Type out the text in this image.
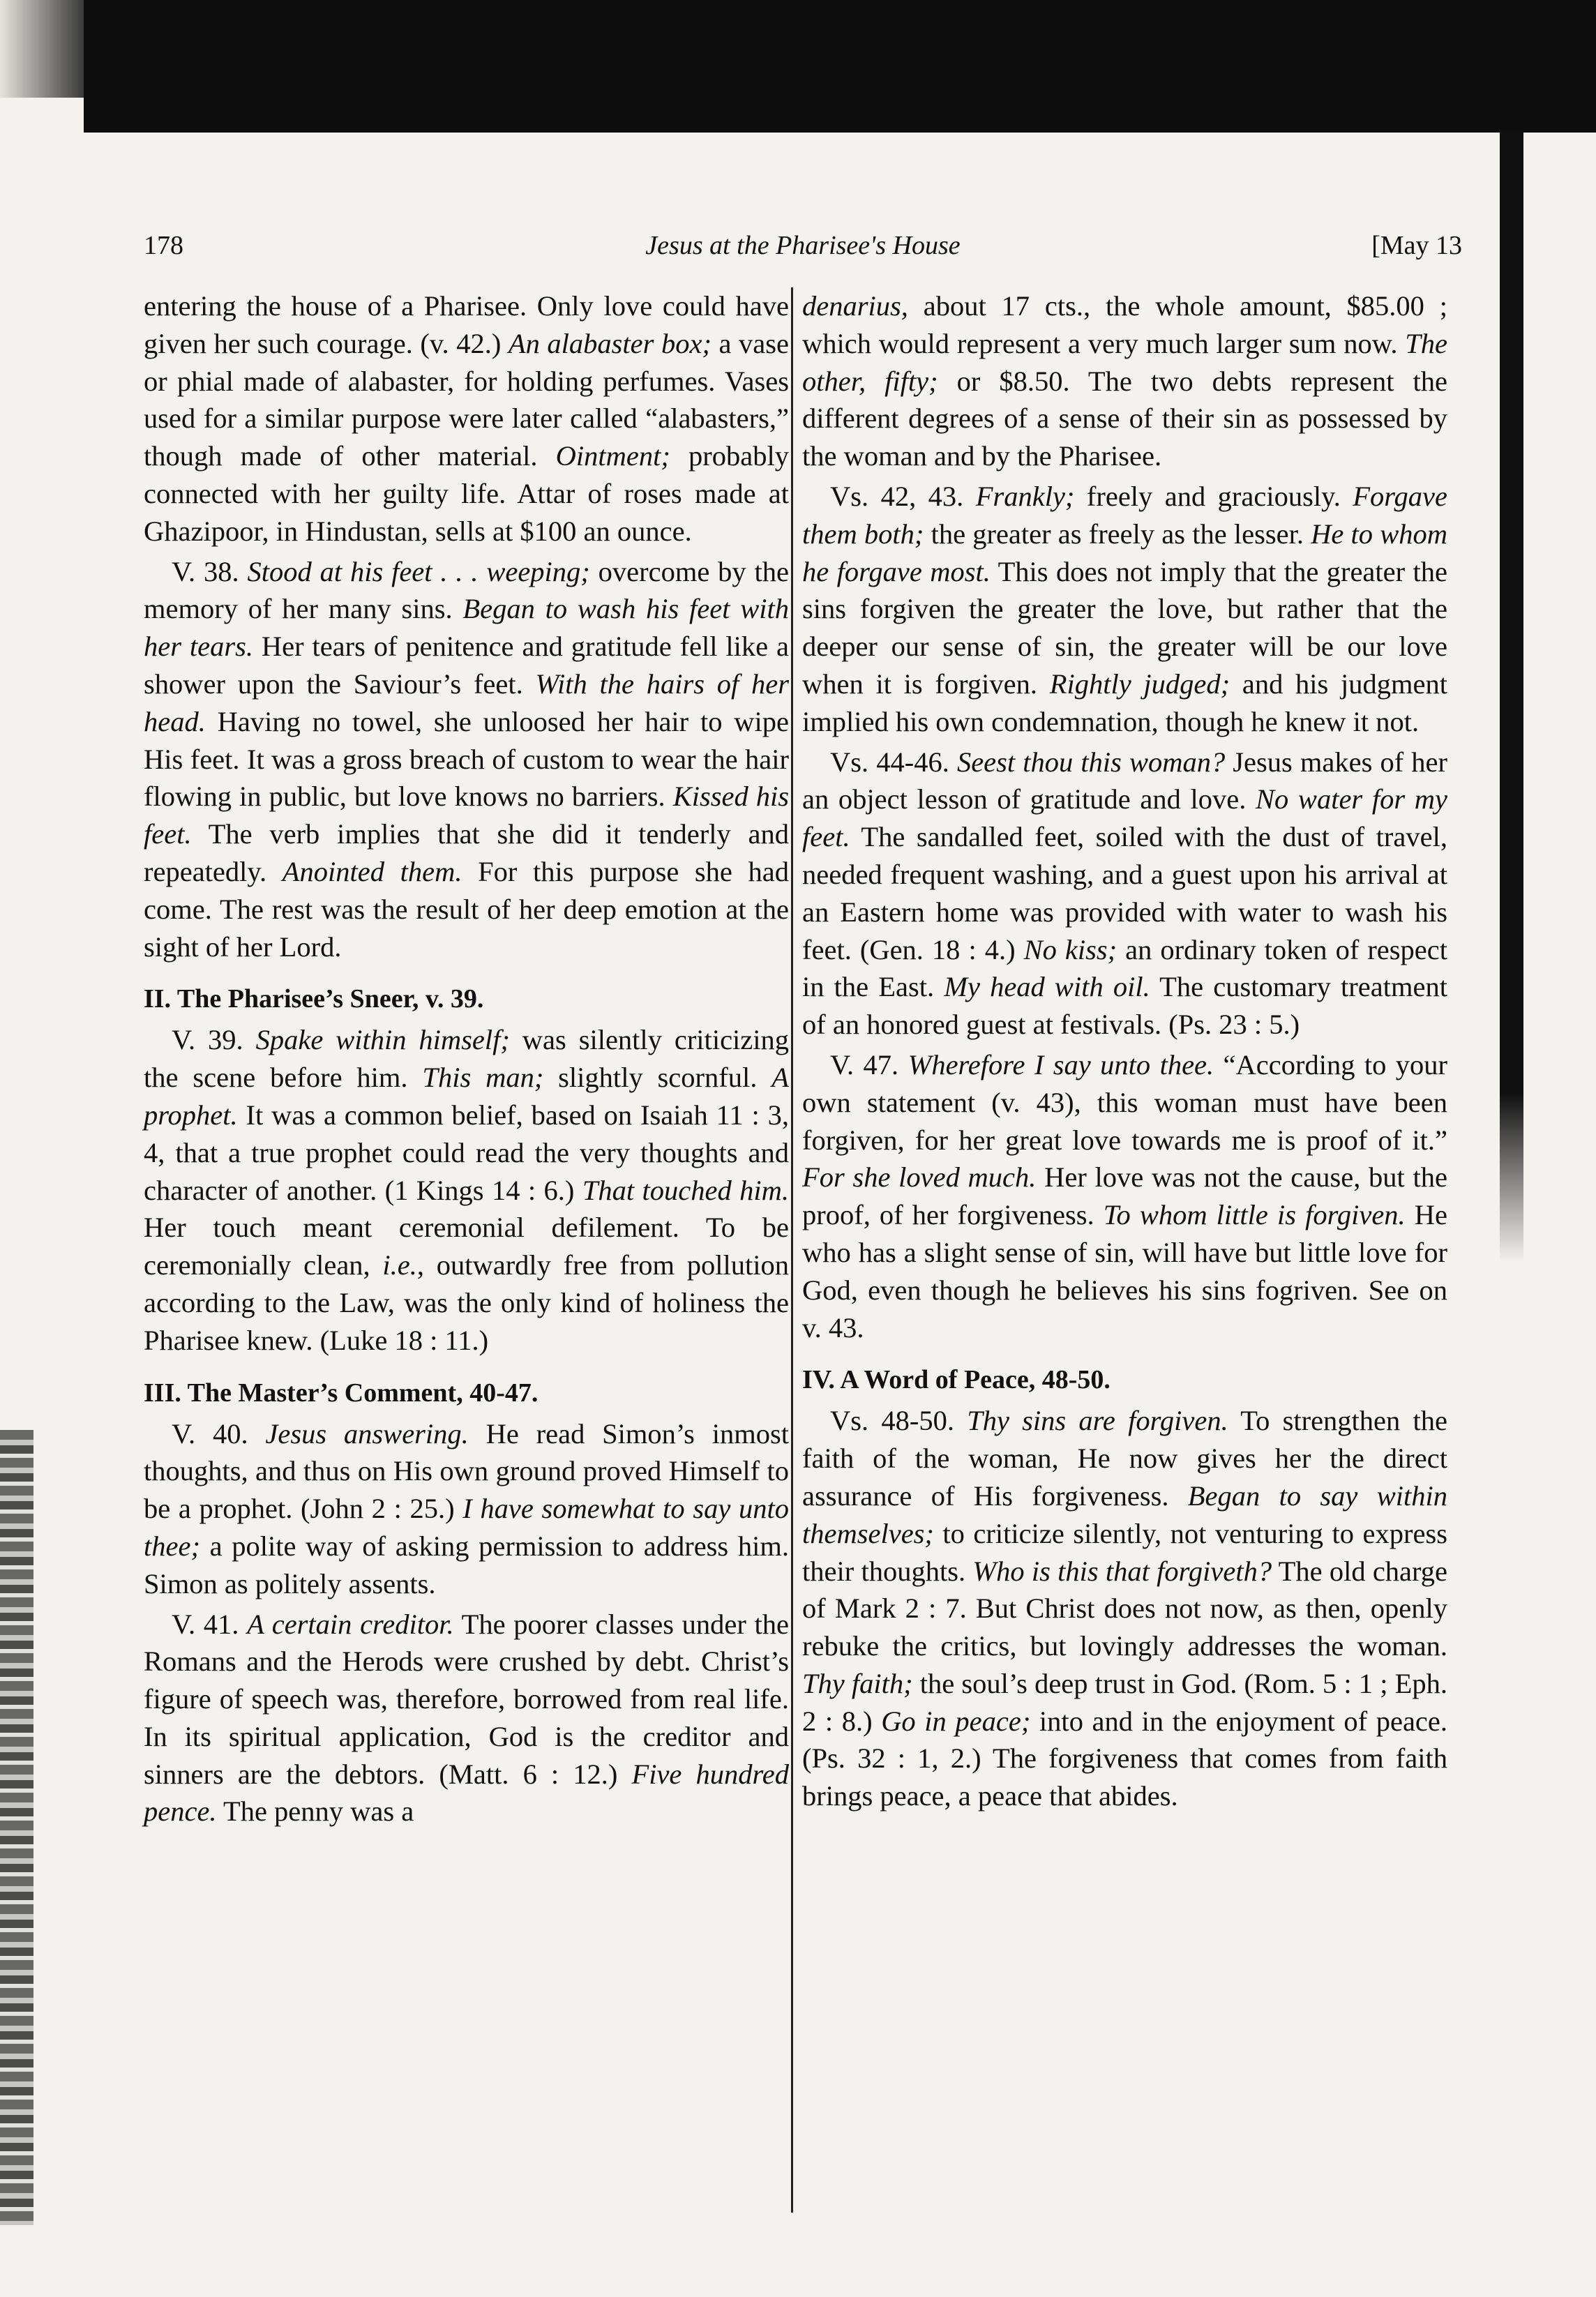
178	Jesus at the Pharisee's House	[May 13

entering the house of a Pharisee. Only love could have given her such courage. (v. 42.) An alabaster box; a vase or phial made of alabaster, for holding perfumes. Vases used for a similar purpose were later called “alabasters,” though made of other material. Ointment; probably connected with her guilty life. Attar of roses made at Ghazipoor, in Hindustan, sells at $100 an ounce.

V. 38. Stood at his feet . . . weeping; overcome by the memory of her many sins. Began to wash his feet with her tears. Her tears of penitence and gratitude fell like a shower upon the Saviour’s feet. With the hairs of her head. Having no towel, she unloosed her hair to wipe His feet. It was a gross breach of custom to wear the hair flowing in public, but love knows no barriers. Kissed his feet. The verb implies that she did it tenderly and repeatedly. Anointed them. For this purpose she had come. The rest was the result of her deep emotion at the sight of her Lord.

II. The Pharisee’s Sneer, v. 39.

V. 39. Spake within himself; was silently criticizing the scene before him. This man; slightly scornful. A prophet. It was a common belief, based on Isaiah 11 : 3, 4, that a true prophet could read the very thoughts and character of another. (1 Kings 14 : 6.) That touched him. Her touch meant ceremonial defilement. To be ceremonially clean, i.e., outwardly free from pollution according to the Law, was the only kind of holiness the Pharisee knew. (Luke 18 : 11.)

III. The Master’s Comment, 40-47.

V. 40. Jesus answering. He read Simon’s inmost thoughts, and thus on His own ground proved Himself to be a prophet. (John 2 : 25.) I have somewhat to say unto thee; a polite way of asking permission to address him. Simon as politely assents.

V. 41. A certain creditor. The poorer classes under the Romans and the Herods were crushed by debt. Christ’s figure of speech was, therefore, borrowed from real life. In its spiritual application, God is the creditor and sinners are the debtors. (Matt. 6 : 12.) Five hundred pence. The penny was a

denarius, about 17 cts., the whole amount, $85.00 ; which would represent a very much larger sum now. The other, fifty; or $8.50. The two debts represent the different degrees of a sense of their sin as possessed by the woman and by the Pharisee.

Vs. 42, 43. Frankly; freely and graciously. Forgave them both; the greater as freely as the lesser. He to whom he forgave most. This does not imply that the greater the sins forgiven the greater the love, but rather that the deeper our sense of sin, the greater will be our love when it is forgiven. Rightly judged; and his judgment implied his own condemnation, though he knew it not.

Vs. 44-46. Seest thou this woman? Jesus makes of her an object lesson of gratitude and love. No water for my feet. The sandalled feet, soiled with the dust of travel, needed frequent washing, and a guest upon his arrival at an Eastern home was provided with water to wash his feet. (Gen. 18 : 4.) No kiss; an ordinary token of respect in the East. My head with oil. The customary treatment of an honored guest at festivals. (Ps. 23 : 5.)

V. 47. Wherefore I say unto thee. “According to your own statement (v. 43), this woman must have been forgiven, for her great love towards me is proof of it.” For she loved much. Her love was not the cause, but the proof, of her forgiveness. To whom little is forgiven. He who has a slight sense of sin, will have but little love for God, even though he believes his sins fogriven. See on v. 43.

IV. A Word of Peace, 48-50.

Vs. 48-50. Thy sins are forgiven. To strengthen the faith of the woman, He now gives her the direct assurance of His forgiveness. Began to say within themselves; to criticize silently, not venturing to express their thoughts. Who is this that forgiveth? The old charge of Mark 2 : 7. But Christ does not now, as then, openly rebuke the critics, but lovingly addresses the woman. Thy faith; the soul’s deep trust in God. (Rom. 5 : 1 ; Eph. 2 : 8.) Go in peace; into and in the enjoyment of peace. (Ps. 32 : 1, 2.) The forgiveness that comes from faith brings peace, a peace that abides.
